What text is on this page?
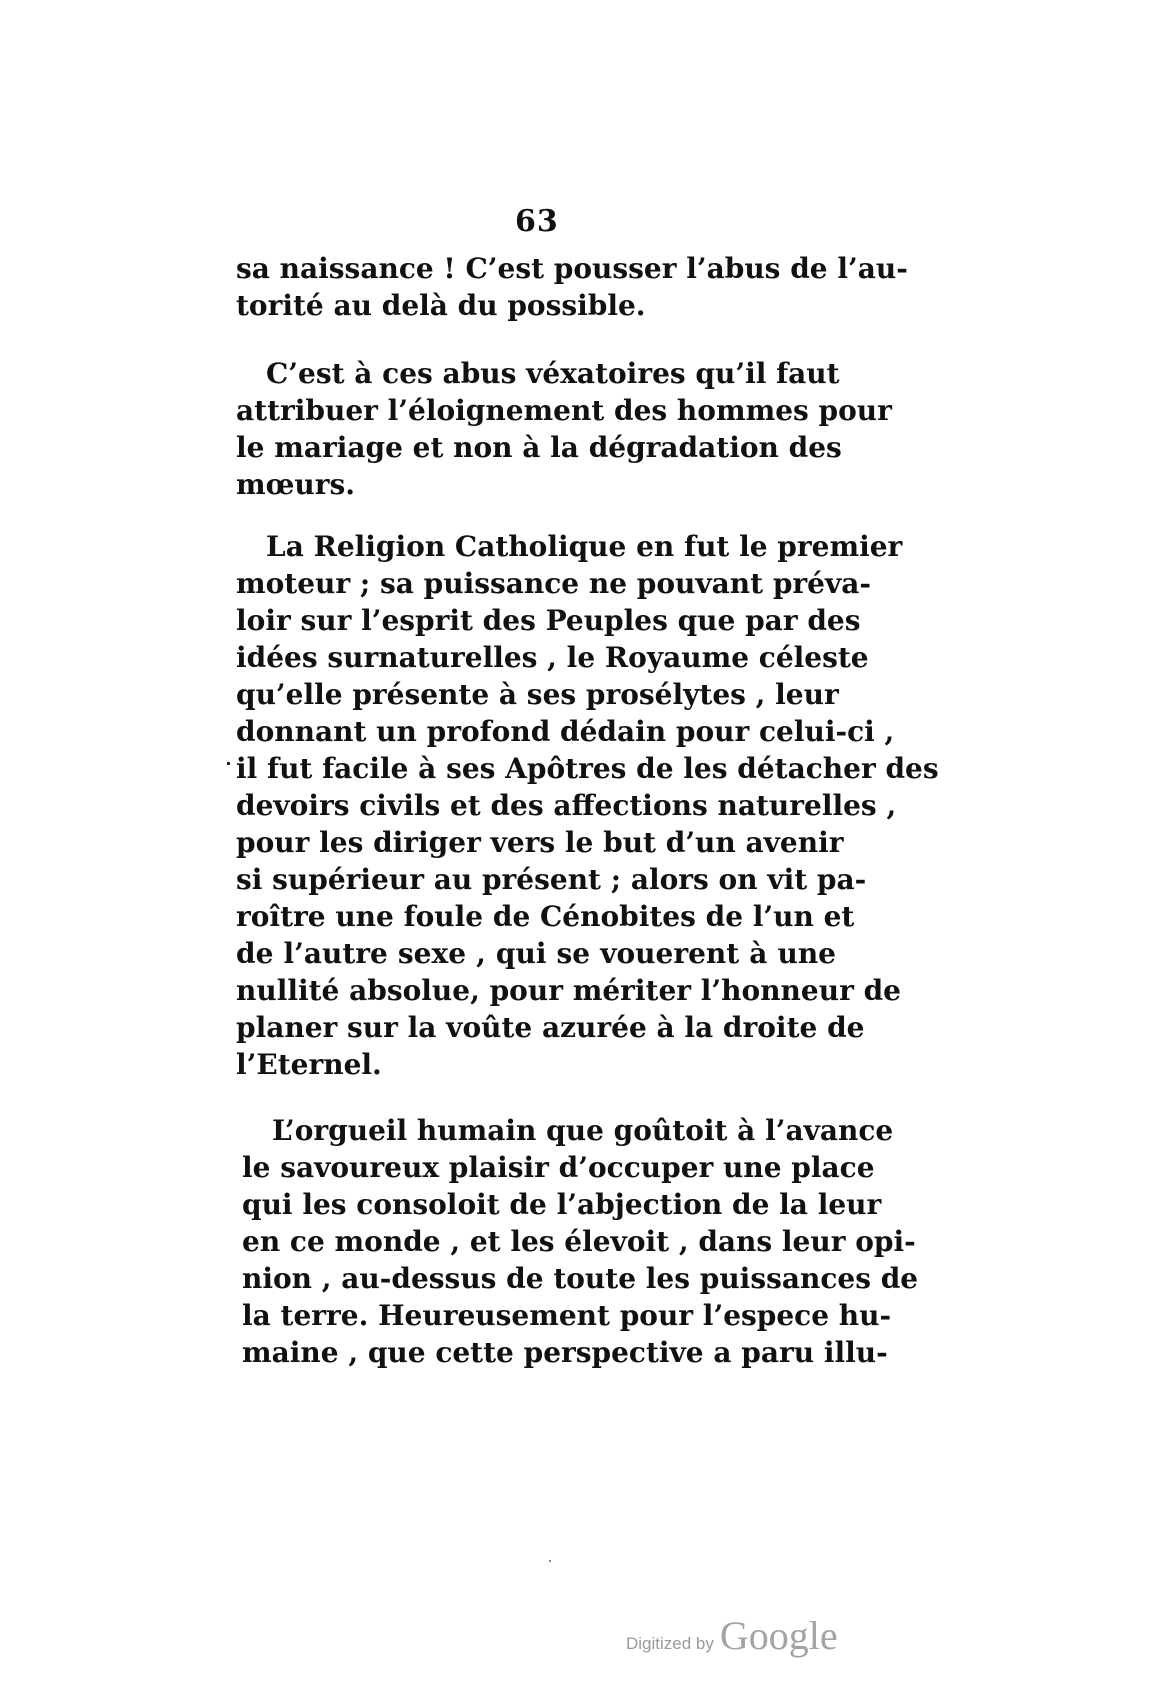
63
sa naissance ! C’est pousser l’abus de l’au-
torité au delà du possible.
C’est à ces abus véxatoires qu’il faut
attribuer l’éloignement des hommes pour
le mariage et non à la dégradation des
mœurs.
La Religion Catholique en fut le premier
moteur ; sa puissance ne pouvant préva-
loir sur l’esprit des Peuples que par des
idées surnaturelles , le Royaume céleste
qu’elle présente à ses prosélytes , leur
donnant un profond dédain pour celui-ci ,
il fut facile à ses Apôtres de les détacher des
devoirs civils et des affections naturelles ,
pour les diriger vers le but d’un avenir
si supérieur au présent ; alors on vit pa-
roître une foule de Cénobites de l’un et
de l’autre sexe , qui se vouerent à une
nullité absolue, pour mériter l’honneur de
planer sur la voûte azurée à la droite de
l’Eternel.
L’orgueil humain que goûtoit à l’avance
le savoureux plaisir d’occuper une place
qui les consoloit de l’abjection de la leur
en ce monde , et les élevoit , dans leur opi-
nion , au-dessus de toute les puissances de
la terre. Heureusement pour l’espece hu-
maine , que cette perspective a paru illu-
Digitized by Google
